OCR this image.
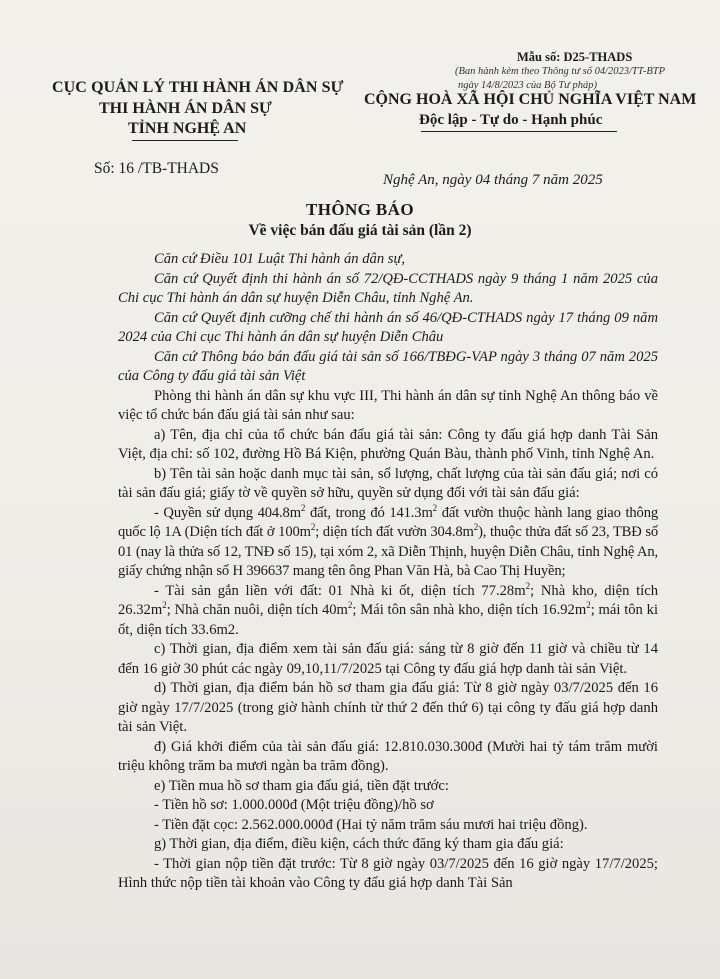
Mẫu số: D25-THADS
(Ban hành kèm theo Thông tư số 04/2023/TT-BTP
ngày 14/8/2023 của Bộ Tư pháp)
CỤC QUẢN LÝ THI HÀNH ÁN DÂN SỰ
THI HÀNH ÁN DÂN SỰ
TỈNH NGHỆ AN
CỘNG HOÀ XÃ HỘI CHỦ NGHĨA VIỆT NAM
Độc lập - Tự do - Hạnh phúc
Số: 16 /TB-THADS
Nghệ An, ngày 04 tháng 7 năm 2025
THÔNG BÁO
Về việc bán đấu giá tài sản (lần 2)

Căn cứ Điều 101 Luật Thi hành án dân sự,

Căn cứ Quyết định thi hành án số 72/QĐ-CCTHADS ngày 9 tháng 1 năm 2025 của Chi cục Thi hành án dân sự huyện Diễn Châu, tỉnh Nghệ An.

Căn cứ Quyết định cưỡng chế thi hành án số 46/QĐ-CTHADS ngày 17 tháng 09 năm 2024 của Chi cục Thi hành án dân sự huyện Diễn Châu

Căn cứ Thông báo bán đấu giá tài sản số 166/TBĐG-VAP ngày 3 tháng 07 năm 2025 của Công ty đấu giá tài sản Việt

Phòng thi hành án dân sự khu vực III, Thi hành án dân sự tỉnh Nghệ An thông báo về việc tổ chức bán đấu giá tài sản như sau:

a) Tên, địa chỉ của tổ chức bán đấu giá tài sản: Công ty đấu giá hợp danh Tài Sản Việt, địa chỉ: số 102, đường Hồ Bá Kiện, phường Quán Bàu, thành phố Vinh, tỉnh Nghệ An.

b) Tên tài sản hoặc danh mục tài sản, số lượng, chất lượng của tài sản đấu giá; nơi có tài sản đấu giá; giấy tờ về quyền sở hữu, quyền sử dụng đối với tài sản đấu giá:

- Quyền sử dụng $404.8m^2$ đất, trong đó $141.3m^2$ đất vườn thuộc hành lang giao thông quốc lộ 1A (Diện tích đất ở $100m^2$; diện tích đất vườn $304.8m^2$), thuộc thửa đất số 23, TBĐ số 01 (nay là thửa số 12, TNĐ số 15), tại xóm 2, xã Diễn Thịnh, huyện Diễn Châu, tỉnh Nghệ An, giấy chứng nhận số H 396637 mang tên ông Phan Văn Hà, bà Cao Thị Huyền;

- Tài sản gắn liền với đất: 01 Nhà ki ốt, diện tích $77.28m^2$; Nhà kho, diện tích $26.32m^2$; Nhà chăn nuôi, diện tích $40m^2$; Mái tôn sân nhà kho, diện tích $16.92m^2$; mái tôn ki ốt, diện tích 33.6m2.

c) Thời gian, địa điểm xem tài sản đấu giá: sáng từ 8 giờ đến 11 giờ và chiều từ 14 đến 16 giờ 30 phút các ngày 09,10,11/7/2025 tại Công ty đấu giá hợp danh tài sản Việt.

d) Thời gian, địa điểm bán hồ sơ tham gia đấu giá: Từ 8 giờ ngày 03/7/2025 đến 16 giờ ngày 17/7/2025 (trong giờ hành chính từ thứ 2 đến thứ 6) tại công ty đấu giá hợp danh tài sản Việt.

đ) Giá khởi điểm của tài sản đấu giá: 12.810.030.300đ (Mười hai tỷ tám trăm mười triệu không trăm ba mươi ngàn ba trăm đồng).

e) Tiền mua hồ sơ tham gia đấu giá, tiền đặt trước:

- Tiền hồ sơ: 1.000.000đ (Một triệu đồng)/hồ sơ

- Tiền đặt cọc: 2.562.000.000đ (Hai tỷ năm trăm sáu mươi hai triệu đồng).

g) Thời gian, địa điểm, điều kiện, cách thức đăng ký tham gia đấu giá:

- Thời gian nộp tiền đặt trước: Từ 8 giờ ngày 03/7/2025 đến 16 giờ ngày 17/7/2025; Hình thức nộp tiền tài khoản vào Công ty đấu giá hợp danh Tài Sản
